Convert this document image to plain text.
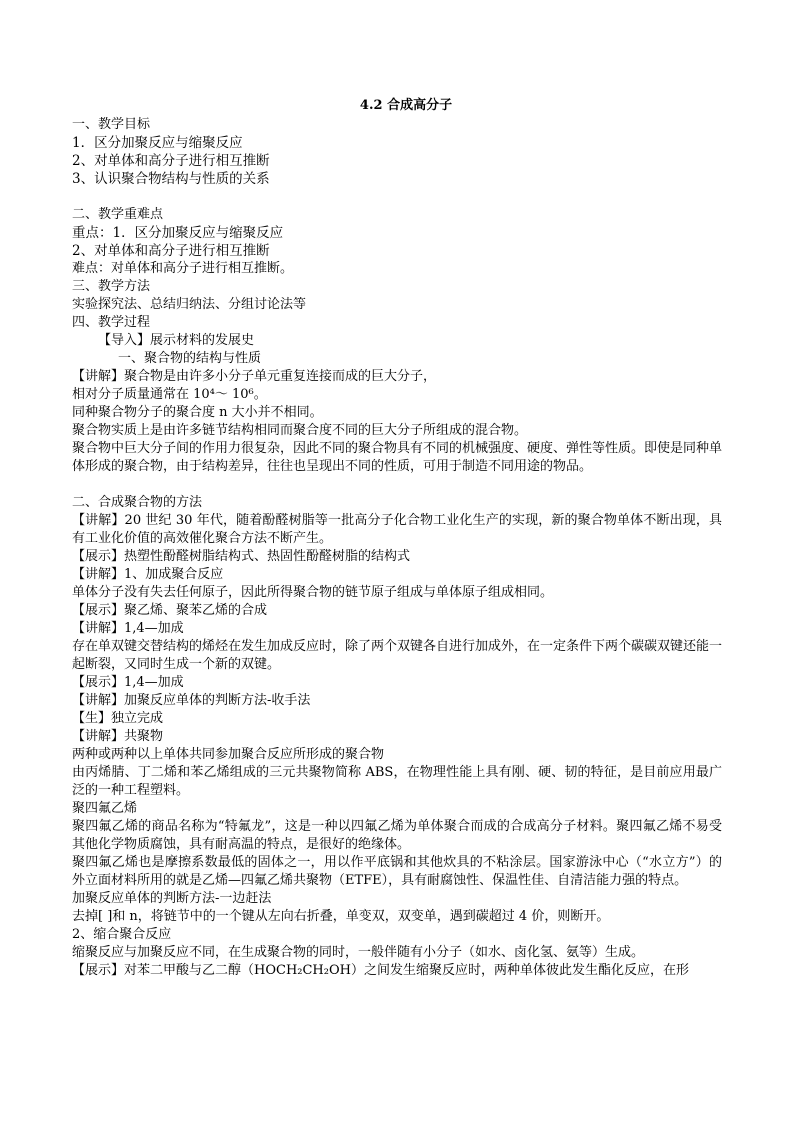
4.2 合成高分子
一、教学目标
1．区分加聚反应与缩聚反应
2、对单体和高分子进行相互推断
3、认识聚合物结构与性质的关系
二、教学重难点
重点：1．区分加聚反应与缩聚反应
2、对单体和高分子进行相互推断
难点：对单体和高分子进行相互推断。
三、教学方法
实验探究法、总结归纳法、分组讨论法等
四、教学过程
【导入】展示材料的发展史
一、聚合物的结构与性质
【讲解】聚合物是由许多小分子单元重复连接而成的巨大分子，
相对分子质量通常在 10⁴～ 10⁶。
同种聚合物分子的聚合度 n 大小并不相同。
聚合物实质上是由许多链节结构相同而聚合度不同的巨大分子所组成的混合物。
聚合物中巨大分子间的作用力很复杂，因此不同的聚合物具有不同的机械强度、硬度、弹性等性质。即使是同种单体形成的聚合物，由于结构差异，往往也呈现出不同的性质，可用于制造不同用途的物品。
二、合成聚合物的方法
【讲解】20 世纪 30 年代，随着酚醛树脂等一批高分子化合物工业化生产的实现，新的聚合物单体不断出现，具有工业化价值的高效催化聚合方法不断产生。
【展示】热塑性酚醛树脂结构式、热固性酚醛树脂的结构式
【讲解】1、加成聚合反应
单体分子没有失去任何原子，因此所得聚合物的链节原子组成与单体原子组成相同。
【展示】聚乙烯、聚苯乙烯的合成
【讲解】1,4—加成
存在单双键交替结构的烯烃在发生加成反应时，除了两个双键各自进行加成外，在一定条件下两个碳碳双键还能一起断裂，又同时生成一个新的双键。
【展示】1,4—加成
【讲解】加聚反应单体的判断方法-收手法
【生】独立完成
【讲解】共聚物
两种或两种以上单体共同参加聚合反应所形成的聚合物
由丙烯腈、丁二烯和苯乙烯组成的三元共聚物简称 ABS，在物理性能上具有刚、硬、韧的特征，是目前应用最广泛的一种工程塑料。
聚四氟乙烯
聚四氟乙烯的商品名称为“特氟龙”，这是一种以四氟乙烯为单体聚合而成的合成高分子材料。聚四氟乙烯不易受其他化学物质腐蚀，具有耐高温的特点，是很好的绝缘体。
聚四氟乙烯也是摩擦系数最低的固体之一，用以作平底锅和其他炊具的不粘涂层。国家游泳中心（“水立方”）的外立面材料所用的就是乙烯—四氟乙烯共聚物（ETFE），具有耐腐蚀性、保温性佳、自清洁能力强的特点。
加聚反应单体的判断方法-一边赶法
去掉[ ]和 n，将链节中的一个键从左向右折叠，单变双，双变单，遇到碳超过 4 价，则断开。
2、缩合聚合反应
缩聚反应与加聚反应不同，在生成聚合物的同时，一般伴随有小分子（如水、卤化氢、氨等）生成。
【展示】对苯二甲酸与乙二醇（HOCH₂CH₂OH）之间发生缩聚反应时，两种单体彼此发生酯化反应，在形
